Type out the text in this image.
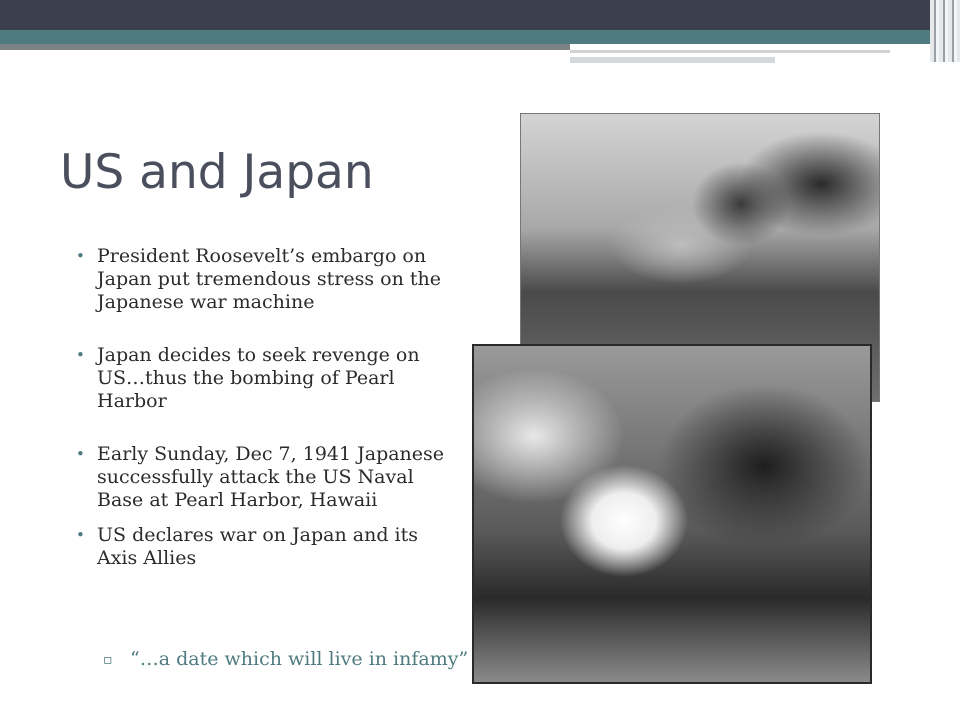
US and Japan
• President Roosevelt’s embargo on Japan put tremendous stress on the Japanese war machine
• Japan decides to seek revenge on US…thus the bombing of Pearl Harbor
• Early Sunday, Dec 7, 1941 Japanese successfully attack the US Naval Base at Pearl Harbor, Hawaii
• US declares war on Japan and its Axis Allies
▫ “…a date which will live in infamy”
